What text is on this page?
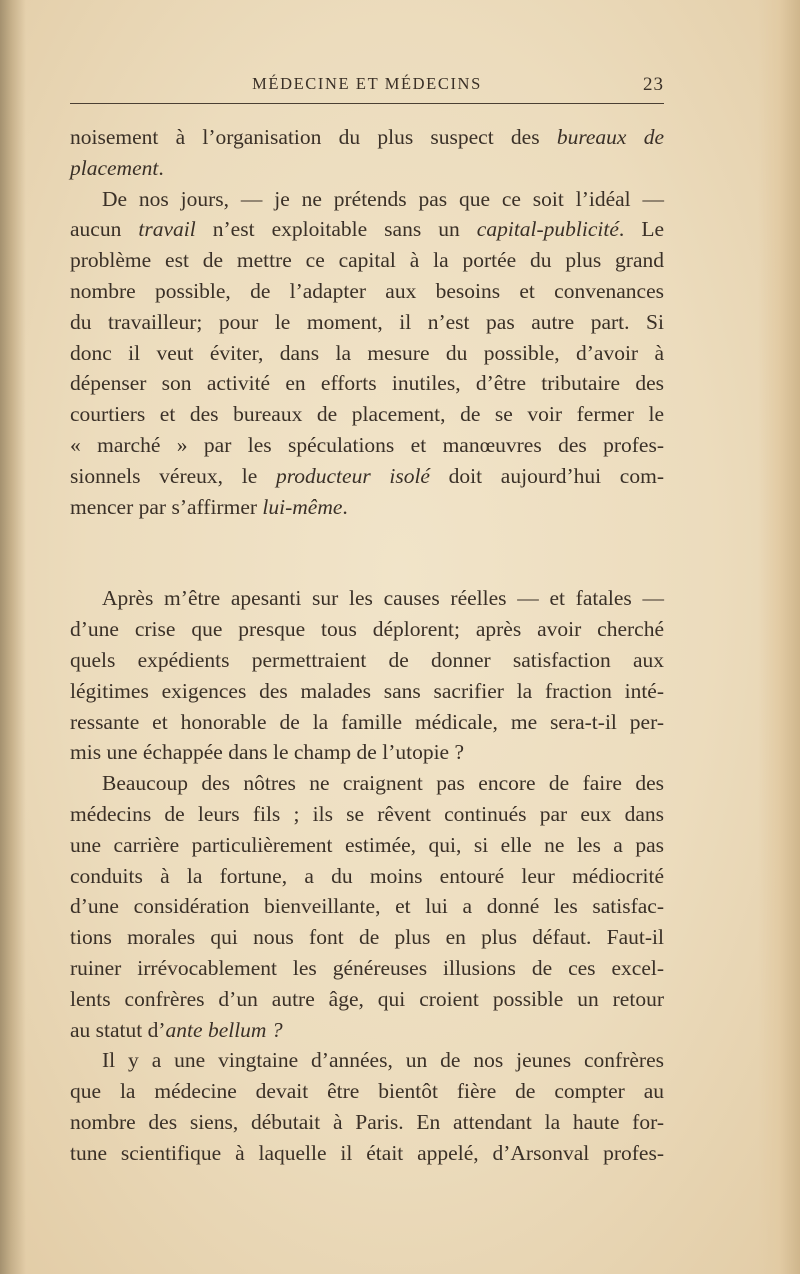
MÉDECINE ET MÉDECINS	23
noisement à l’organisation du plus suspect des bureaux de
placement.
De nos jours, — je ne prétends pas que ce soit l’idéal —
aucun travail n’est exploitable sans un capital-publicité. Le
problème est de mettre ce capital à la portée du plus grand
nombre possible, de l’adapter aux besoins et convenances
du travailleur; pour le moment, il n’est pas autre part. Si
donc il veut éviter, dans la mesure du possible, d’avoir à
dépenser son activité en efforts inutiles, d’être tributaire des
courtiers et des bureaux de placement, de se voir fermer le
« marché » par les spéculations et manœuvres des profes-
sionnels véreux, le producteur isolé doit aujourd’hui com-
mencer par s’affirmer lui-même.
Après m’être apesanti sur les causes réelles — et fatales —
d’une crise que presque tous déplorent; après avoir cherché
quels expédients permettraient de donner satisfaction aux
légitimes exigences des malades sans sacrifier la fraction inté-
ressante et honorable de la famille médicale, me sera-t-il per-
mis une échappée dans le champ de l’utopie ?
Beaucoup des nôtres ne craignent pas encore de faire des
médecins de leurs fils ; ils se rêvent continués par eux dans
une carrière particulièrement estimée, qui, si elle ne les a pas
conduits à la fortune, a du moins entouré leur médiocrité
d’une considération bienveillante, et lui a donné les satisfac-
tions morales qui nous font de plus en plus défaut. Faut-il
ruiner irrévocablement les généreuses illusions de ces excel-
lents confrères d’un autre âge, qui croient possible un retour
au statut d’ante bellum ?
Il y a une vingtaine d’années, un de nos jeunes confrères
que la médecine devait être bientôt fière de compter au
nombre des siens, débutait à Paris. En attendant la haute for-
tune scientifique à laquelle il était appelé, d’Arsonval profes-
